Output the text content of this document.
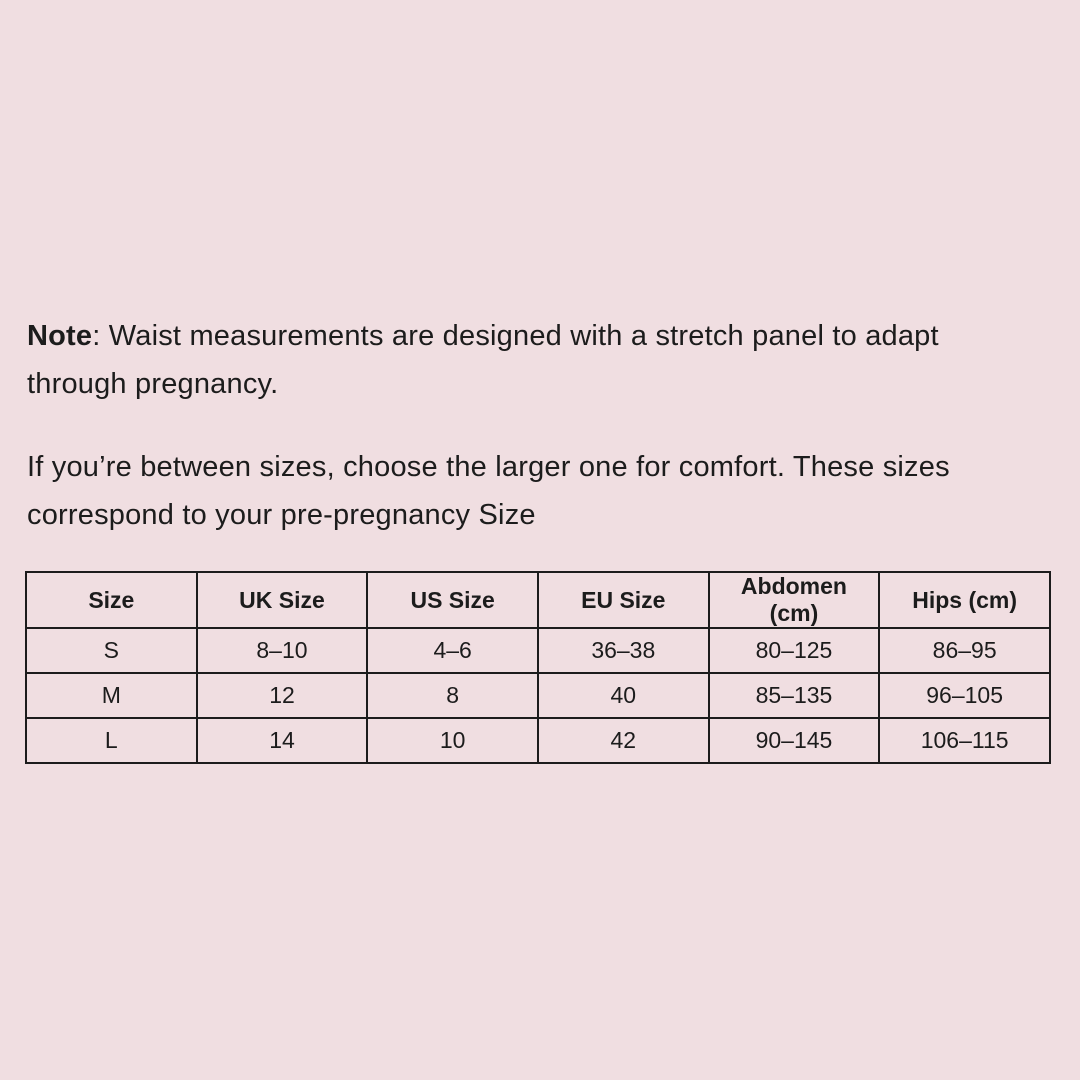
Note: Waist measurements are designed with a stretch panel to adapt through pregnancy.

If you’re between sizes, choose the larger one for comfort. These sizes correspond to your pre-pregnancy Size

Size	UK Size	US Size	EU Size	Abdomen (cm)	Hips (cm)
S	8–10	4–6	36–38	80–125	86–95
M	12	8	40	85–135	96–105
L	14	10	42	90–145	106–115
